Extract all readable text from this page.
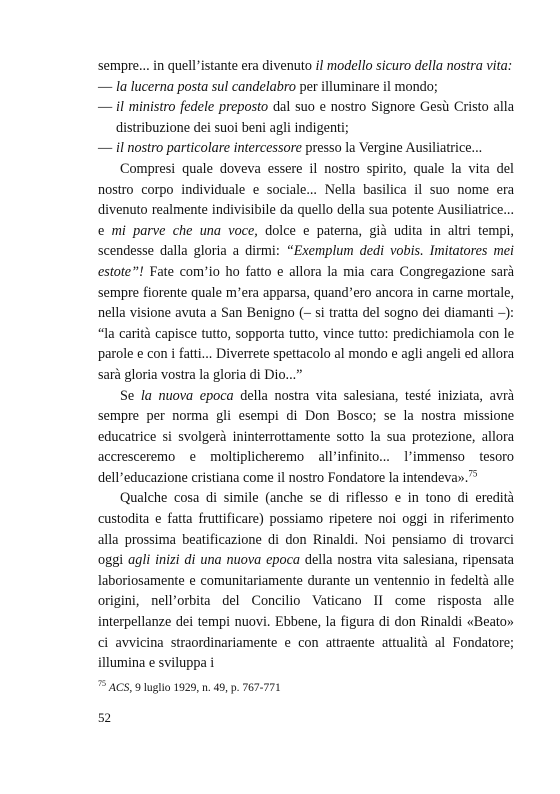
sempre... in quell’istante era divenuto il modello sicuro della nostra vita:

— la lucerna posta sul candelabro per illuminare il mondo;
— il ministro fedele preposto dal suo e nostro Signore Gesù Cristo alla distribuzione dei suoi beni agli indigenti;
— il nostro particolare intercessore presso la Vergine Ausiliatrice...

Compresi quale doveva essere il nostro spirito, quale la vita del nostro corpo individuale e sociale... Nella basilica il suo nome era divenuto realmente indivisibile da quello della sua potente Ausiliatrice... e mi parve che una voce, dolce e paterna, già udita in altri tempi, scendesse dalla gloria a dirmi: “Exemplum dedi vobis. Imitatores mei estote”! Fate com’io ho fatto e allora la mia cara Congregazione sarà sempre fiorente quale m’era apparsa, quand’ero ancora in carne mortale, nella visione avuta a San Benigno (– si tratta del sogno dei diamanti –): “la carità capisce tutto, sopporta tutto, vince tutto: predichiamola con le parole e con i fatti... Diverrete spettacolo al mondo e agli angeli ed allora sarà gloria vostra la gloria di Dio...”

Se la nuova epoca della nostra vita salesiana, testé iniziata, avrà sempre per norma gli esempi di Don Bosco; se la nostra missione educatrice si svolgerà ininterrottamente sotto la sua protezione, allora accresceremo e moltiplicheremo all’infinito... l’immenso tesoro dell’educazione cristiana come il nostro Fondatore la intendeva».$^{75}$

Qualche cosa di simile (anche se di riflesso e in tono di eredità custodita e fatta fruttificare) possiamo ripetere noi oggi in riferimento alla prossima beatificazione di don Rinaldi. Noi pensiamo di trovarci oggi agli inizi di una nuova epoca della nostra vita salesiana, ripensata laboriosamente e comunitariamente durante un ventennio in fedeltà alle origini, nell’orbita del Concilio Vaticano II come risposta alle interpellanze dei tempi nuovi. Ebbene, la figura di don Rinaldi «Beato» ci avvicina straordinariamente e con attraente attualità al Fondatore; illumina e sviluppa i

$^{75}$ ACS, 9 luglio 1929, n. 49, p. 767-771
52
